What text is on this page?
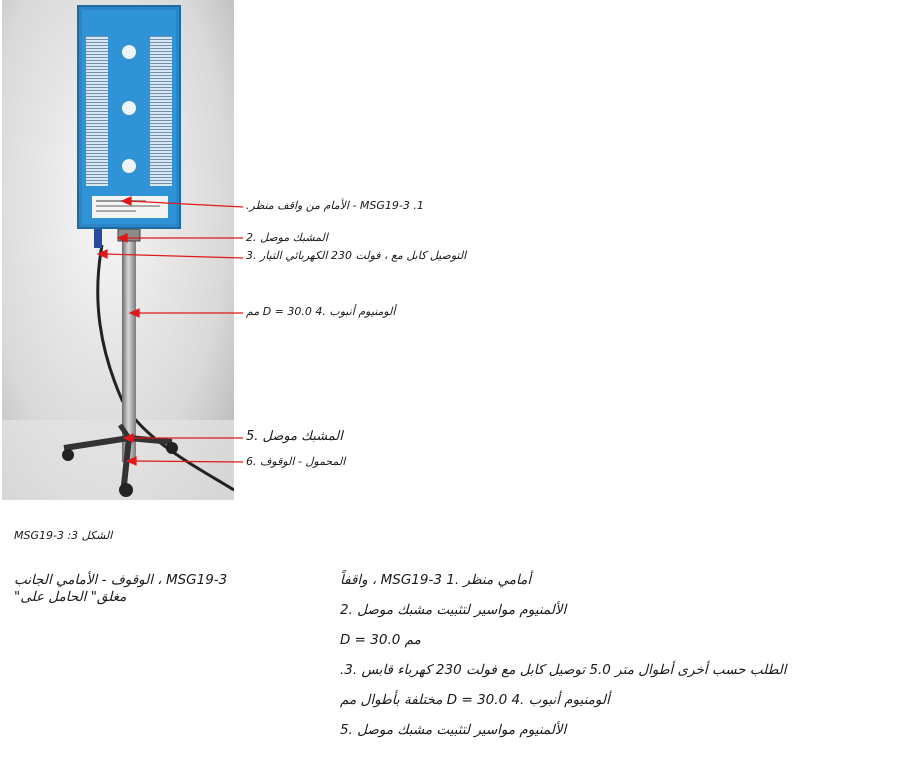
.الأمام من واقف منظر - MSG19-3 .1
المشبك موصل .2
التوصيل كابل مع ، فولت 230 الكهربائي التيار .3
مم D = 30.0 ألومنيوم أنبوب .4
المشبك موصل .5
المحمول - الوقوف .6
MSG19-3 :3 الشكل
الوقوف - الأمامي الجانب ، MSG19-3
"مغلق" الحامل على
واقفاً ، MSG19-3 أمامي منظر .1
الألمنيوم مواسير لتثبيت مشبك موصل .2
D = 30.0 مم
.الطلب حسب أخرى أطوال متر 5.0 توصيل كابل مع فولت 230 كهرباء قابس .3
مختلفة بأطوال مم D = 30.0 ألومنيوم أنبوب .4
الألمنيوم مواسير لتثبيت مشبك موصل .5
